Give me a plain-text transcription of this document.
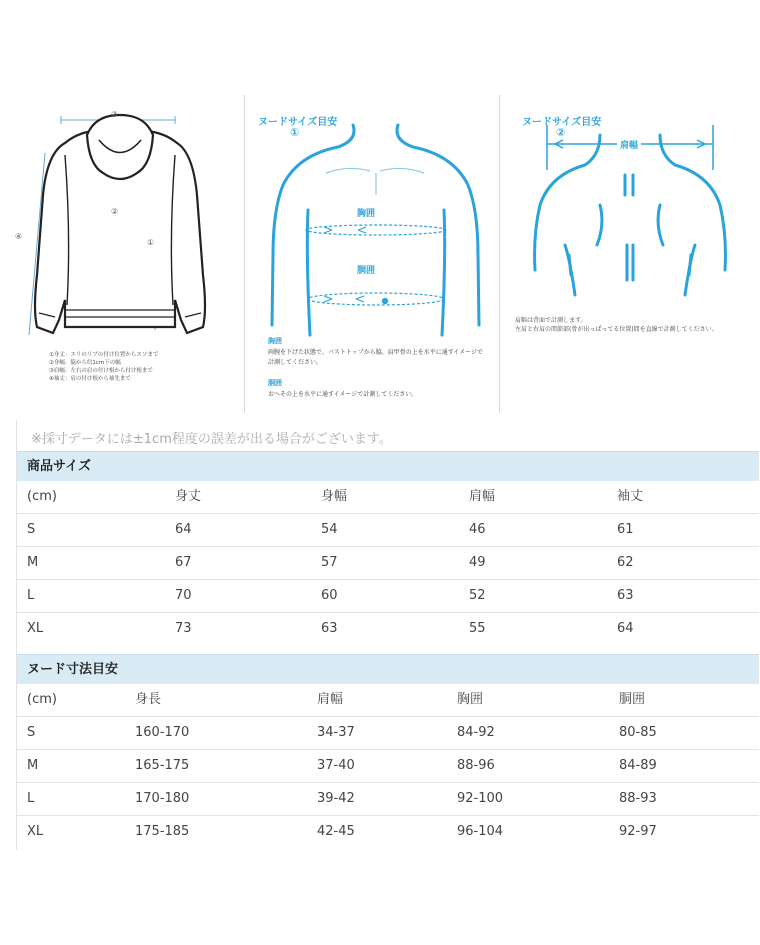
③
②
①
④
①身丈：エリのリブの付け位置からスソまで
②身幅：脇から約1cm下の幅
③肩幅：左右の肩の付け根から付け根まで
④袖丈：肩の付け根から袖先まで
ヌードサイズ目安
①
胸囲
胴囲
胸囲
両腕を下げた状態で、バストトップから脇、肩甲骨の上を水平に通すイメージで計測してください。
胴囲
おへその上を水平に通すイメージで計測してください。
ヌードサイズ目安
②
肩幅
肩幅は背面で計測します。
左肩と右肩の関節部(骨が出っぱってる位置)間を直線で計測してください。
※採寸データには±1cm程度の誤差が出る場合がございます。
商品サイズ
(cm)	身丈	身幅	肩幅	袖丈
S	64	54	46	61
M	67	57	49	62
L	70	60	52	63
XL	73	63	55	64
ヌード寸法目安
(cm)	身長	肩幅	胸囲	胴囲
S	160-170	34-37	84-92	80-85
M	165-175	37-40	88-96	84-89
L	170-180	39-42	92-100	88-93
XL	175-185	42-45	96-104	92-97
